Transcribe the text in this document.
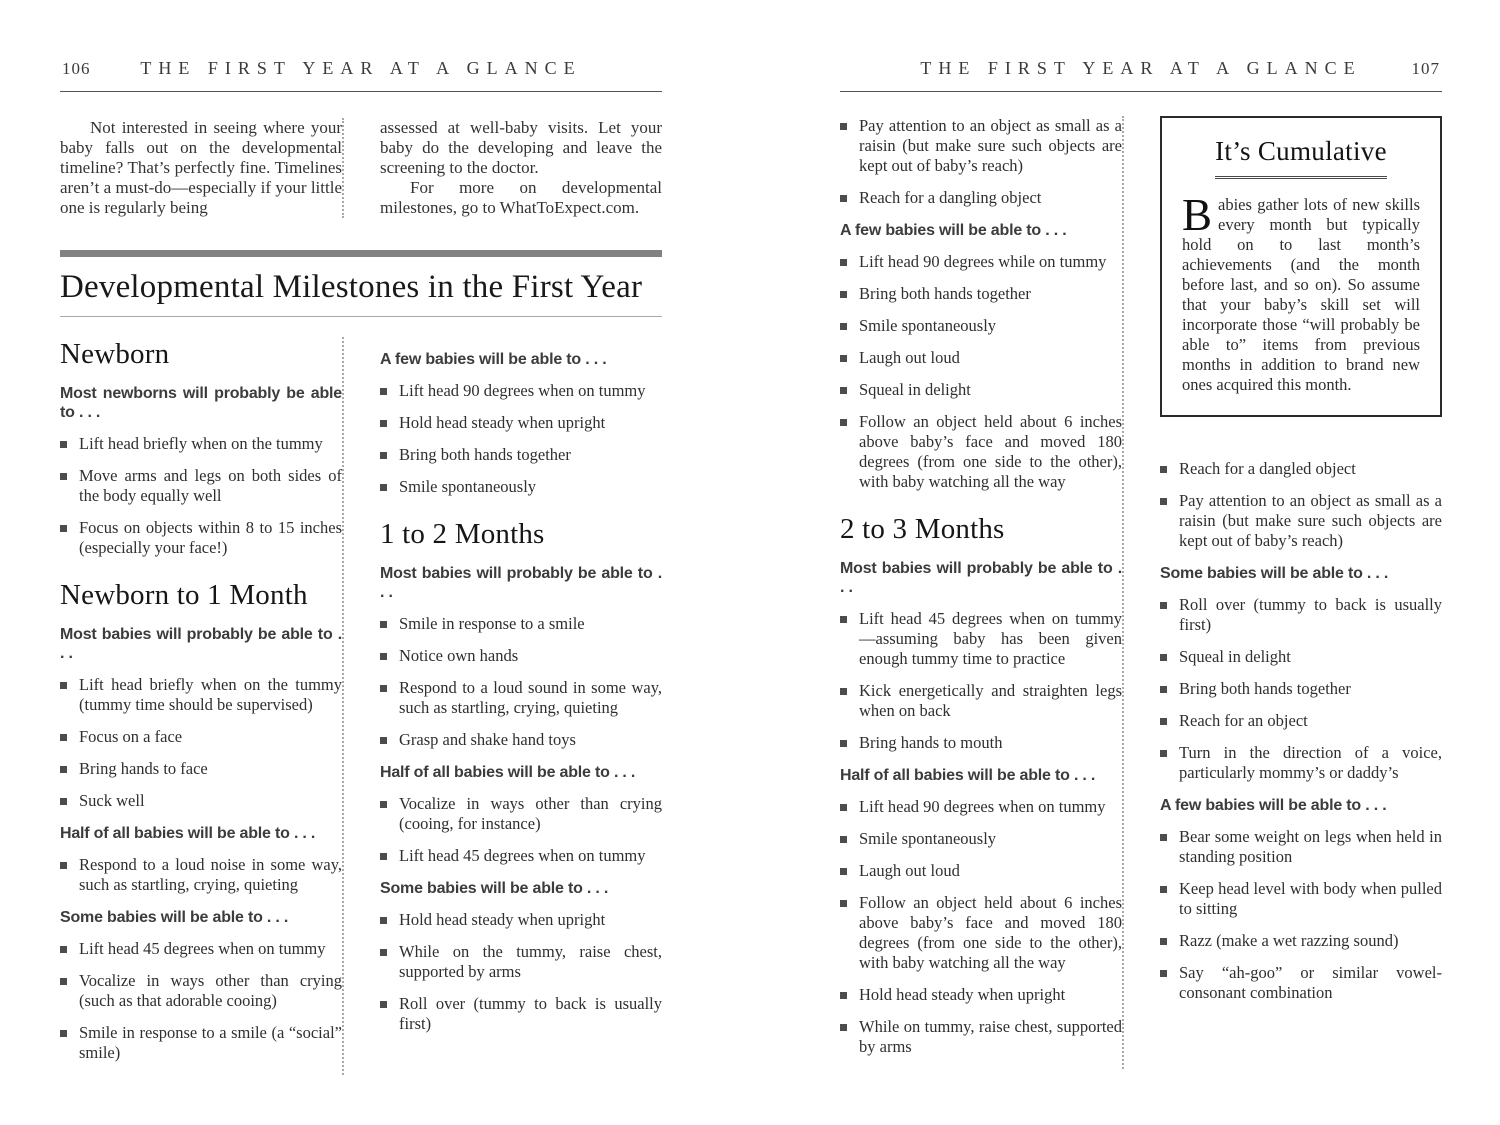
106	THE FIRST YEAR AT A GLANCE

Not interested in seeing where your baby falls out on the developmental timeline? That’s perfectly fine. Timelines aren’t a must-do—especially if your little one is regularly being

assessed at well-baby visits. Let your baby do the developing and leave the screening to the doctor.

For more on developmental milestones, go to WhatToExpect.com.

Developmental Milestones in the First Year
Newborn
Most newborns will probably be able to . . .
Lift head briefly when on the tummy
Move arms and legs on both sides of the body equally well
Focus on objects within 8 to 15 inches (especially your face!)
Newborn to 1 Month
Most babies will probably be able to . . .
Lift head briefly when on the tummy (tummy time should be supervised)
Focus on a face
Bring hands to face
Suck well
Half of all babies will be able to . . .
Respond to a loud noise in some way, such as startling, crying, quieting
Some babies will be able to . . .
Lift head 45 degrees when on tummy
Vocalize in ways other than crying (such as that adorable cooing)
Smile in response to a smile (a “social” smile)
A few babies will be able to . . .
Lift head 90 degrees when on tummy
Hold head steady when upright
Bring both hands together
Smile spontaneously
1 to 2 Months
Most babies will probably be able to . . .
Smile in response to a smile
Notice own hands
Respond to a loud sound in some way, such as startling, crying, quieting
Grasp and shake hand toys
Half of all babies will be able to . . .
Vocalize in ways other than crying (cooing, for instance)
Lift head 45 degrees when on tummy
Some babies will be able to . . .
Hold head steady when upright
While on the tummy, raise chest, supported by arms
Roll over (tummy to back is usually first)
THE FIRST YEAR AT A GLANCE	107
Pay attention to an object as small as a raisin (but make sure such objects are kept out of baby’s reach)
Reach for a dangling object
A few babies will be able to . . .
Lift head 90 degrees while on tummy
Bring both hands together
Smile spontaneously
Laugh out loud
Squeal in delight
Follow an object held about 6 inches above baby’s face and moved 180 degrees (from one side to the other), with baby watching all the way
2 to 3 Months
Most babies will probably be able to . . .
Lift head 45 degrees when on tummy—assuming baby has been given enough tummy time to practice
Kick energetically and straighten legs when on back
Bring hands to mouth
Half of all babies will be able to . . .
Lift head 90 degrees when on tummy
Smile spontaneously
Laugh out loud
Follow an object held about 6 inches above baby’s face and moved 180 degrees (from one side to the other), with baby watching all the way
Hold head steady when upright
While on tummy, raise chest, supported by arms
It’s Cumulative

Babies gather lots of new skills every month but typically hold on to last month’s achievements (and the month before last, and so on). So assume that your baby’s skill set will incorporate those “will probably be able to” items from previous months in addition to brand new ones acquired this month.

Reach for a dangled object
Pay attention to an object as small as a raisin (but make sure such objects are kept out of baby’s reach)
Some babies will be able to . . .
Roll over (tummy to back is usually first)
Squeal in delight
Bring both hands together
Reach for an object
Turn in the direction of a voice, particularly mommy’s or daddy’s
A few babies will be able to . . .
Bear some weight on legs when held in standing position
Keep head level with body when pulled to sitting
Razz (make a wet razzing sound)
Say “ah-goo” or similar vowel-consonant combination
